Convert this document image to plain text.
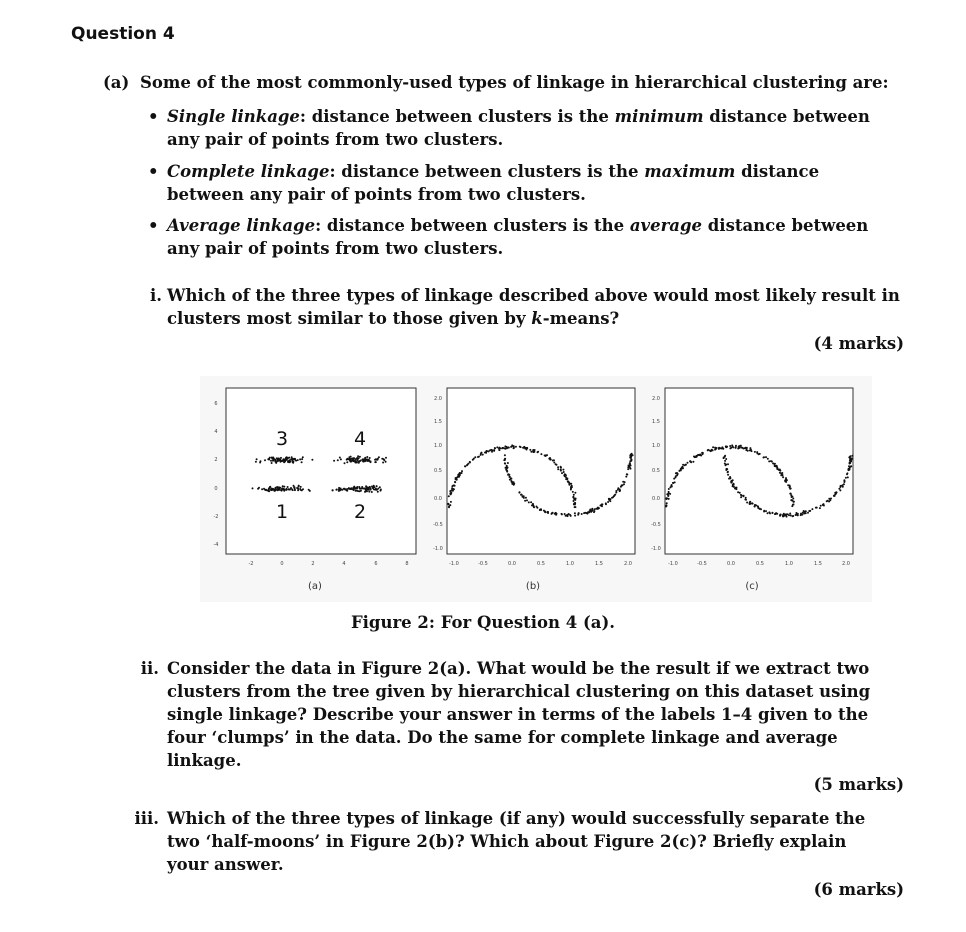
Question 4
(a) Some of the most commonly-used types of linkage in hierarchical clustering are:
• Single linkage: distance between clusters is the minimum distance between any pair of points from two clusters.
• Complete linkage: distance between clusters is the maximum distance between any pair of points from two clusters.
• Average linkage: distance between clusters is the average distance between any pair of points from two clusters.
i. Which of the three types of linkage described above would most likely result in clusters most similar to those given by k-means?
(4 marks)
-2	0	2	4	6	8
6
4
2
0
-2
-4
-1.0	-0.5	0.0	0.5	1.0	1.5	2.0
2.0
1.5
1.0
0.5
0.0
-0.5
-1.0
-1.0	-0.5	0.0	0.5	1.0	1.5	2.0
2.0
1.5
1.0
0.5
0.0
-0.5
-1.0
3	4
1	2
(a)	(b)	(c)
Figure 2: For Question 4 (a).
ii. Consider the data in Figure 2(a). What would be the result if we extract two clusters from the tree given by hierarchical clustering on this dataset using single linkage? Describe your answer in terms of the labels 1–4 given to the four ‘clumps’ in the data. Do the same for complete linkage and average linkage.
(5 marks)
iii. Which of the three types of linkage (if any) would successfully separate the two ‘half-moons’ in Figure 2(b)? Which about Figure 2(c)? Briefly explain your answer.
(6 marks)
